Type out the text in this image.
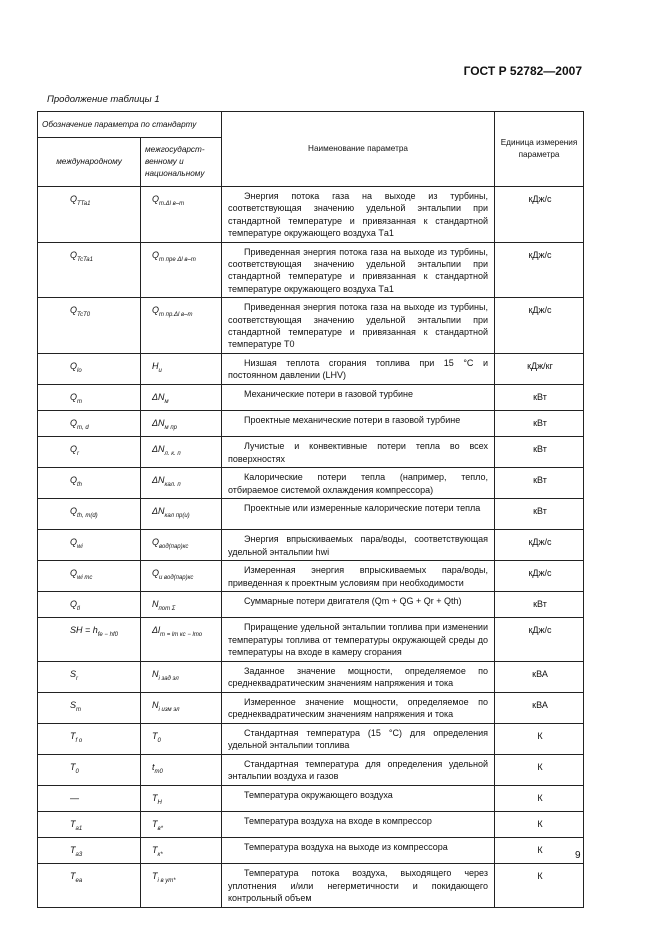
ГОСТ Р 52782—2007
Продолжение таблицы 1
Обозначение параметра по стандарту		Наименование параметра	Единица измерения параметра
международному	межгосударст-венному и национальному		
$Q_{TTa1}$	$Q_{т.\Delta l в-т}$	Энергия потока газа на выходе из турбины, соответствующая значению удельной энтальпии при стандартной температуре и привязанная к стандартной температуре окружающего воздуха Tа1	кДж/с
$Q_{TcTa1}$	$Q_{т пре \Delta l в-т}$	Приведенная энергия потока газа на выходе из турбины, соответствующая значению удельной энтальпии при стандартной температуре и привязанная к стандартной температуре окружающего воздуха Tа1	кДж/с
$Q_{TcT0}$	$Q_{т пр.\Delta l в-т}$	Приведенная энергия потока газа на выходе из турбины, соответствующая значению удельной энтальпии при стандартной температуре и привязанная к стандартной температуре T0	кДж/с
$Q_{lo}$	$H_u$	Низшая теплота сгорания топлива при 15 °С и постоянном давлении (LHV)	кДж/кг
$Q_m$	$\Delta N_м$	Механические потери в газовой турбине	кВт
$Q_{m, d}$	$\Delta N_{м пр}$	Проектные механические потери в газовой турбине	кВт
$Q_r$	$\Delta N_{л. к. п}$	Лучистые и конвективные потери тепла во всех поверхностях	кВт
$Q_{th}$	$\Delta N_{кал. п}$	Калорические потери тепла (например, тепло, отбираемое системой охлаждения компрессора)	кВт
$Q_{th, m(d)}$	$\Delta N_{кал пр(и)}$	Проектные или измеренные калорические потери тепла	кВт
$Q_{wi}$	$Q_{вод(пар)кс}$	Энергия впрыскиваемых пара/воды, соответствующая удельной энтальпии hwi	кДж/с
$Q_{wi mc}$	$Q_{и вод(пар)кс}$	Измеренная энергия впрыскиваемых пара/воды, приведенная к проектным условиям при необходимости	кДж/с
$Q_{tl}$	$N_{пот \Sigma}$	Суммарные потери двигателя (Qm + QG + Qr + Qth)	кВт
SH = $h_{fe - hf0}$	$\Delta l_{т = lт кс - lто}$	Приращение удельной энтальпии топлива при изменении температуры топлива от температуры окружающей среды до температуры на входе в камеру сгорания	кДж/с
$S_r$	$N_{i зад эл}$	Заданное значение мощности, определяемое по среднеквадратическим значениям напряжения и тока	кВА
$S_m$	$N_{i изм эл}$	Измеренное значение мощности, определяемое по среднеквадратическим значениям напряжения и тока	кВА
$T_{f o}$	$T_0$	Стандартная температура (15 °С) для определения удельной энтальпии топлива	К
$T_0$	$t_{m0}$	Стандартная температура для определения удельной энтальпии воздуха и газов	К
—	$T_Н$	Температура окружающего воздуха	К
$T_{a1}$	$T_{в*}$	Температура воздуха на входе в компрессор	К
$T_{a3}$	$T_{к*}$	Температура воздуха на выходе из компрессора	К
$T_{ea}$	$T_{i в ут*}$	Температура потока воздуха, выходящего через уплотнения и/или негерметичности и покидающего контрольный объем	К
9
